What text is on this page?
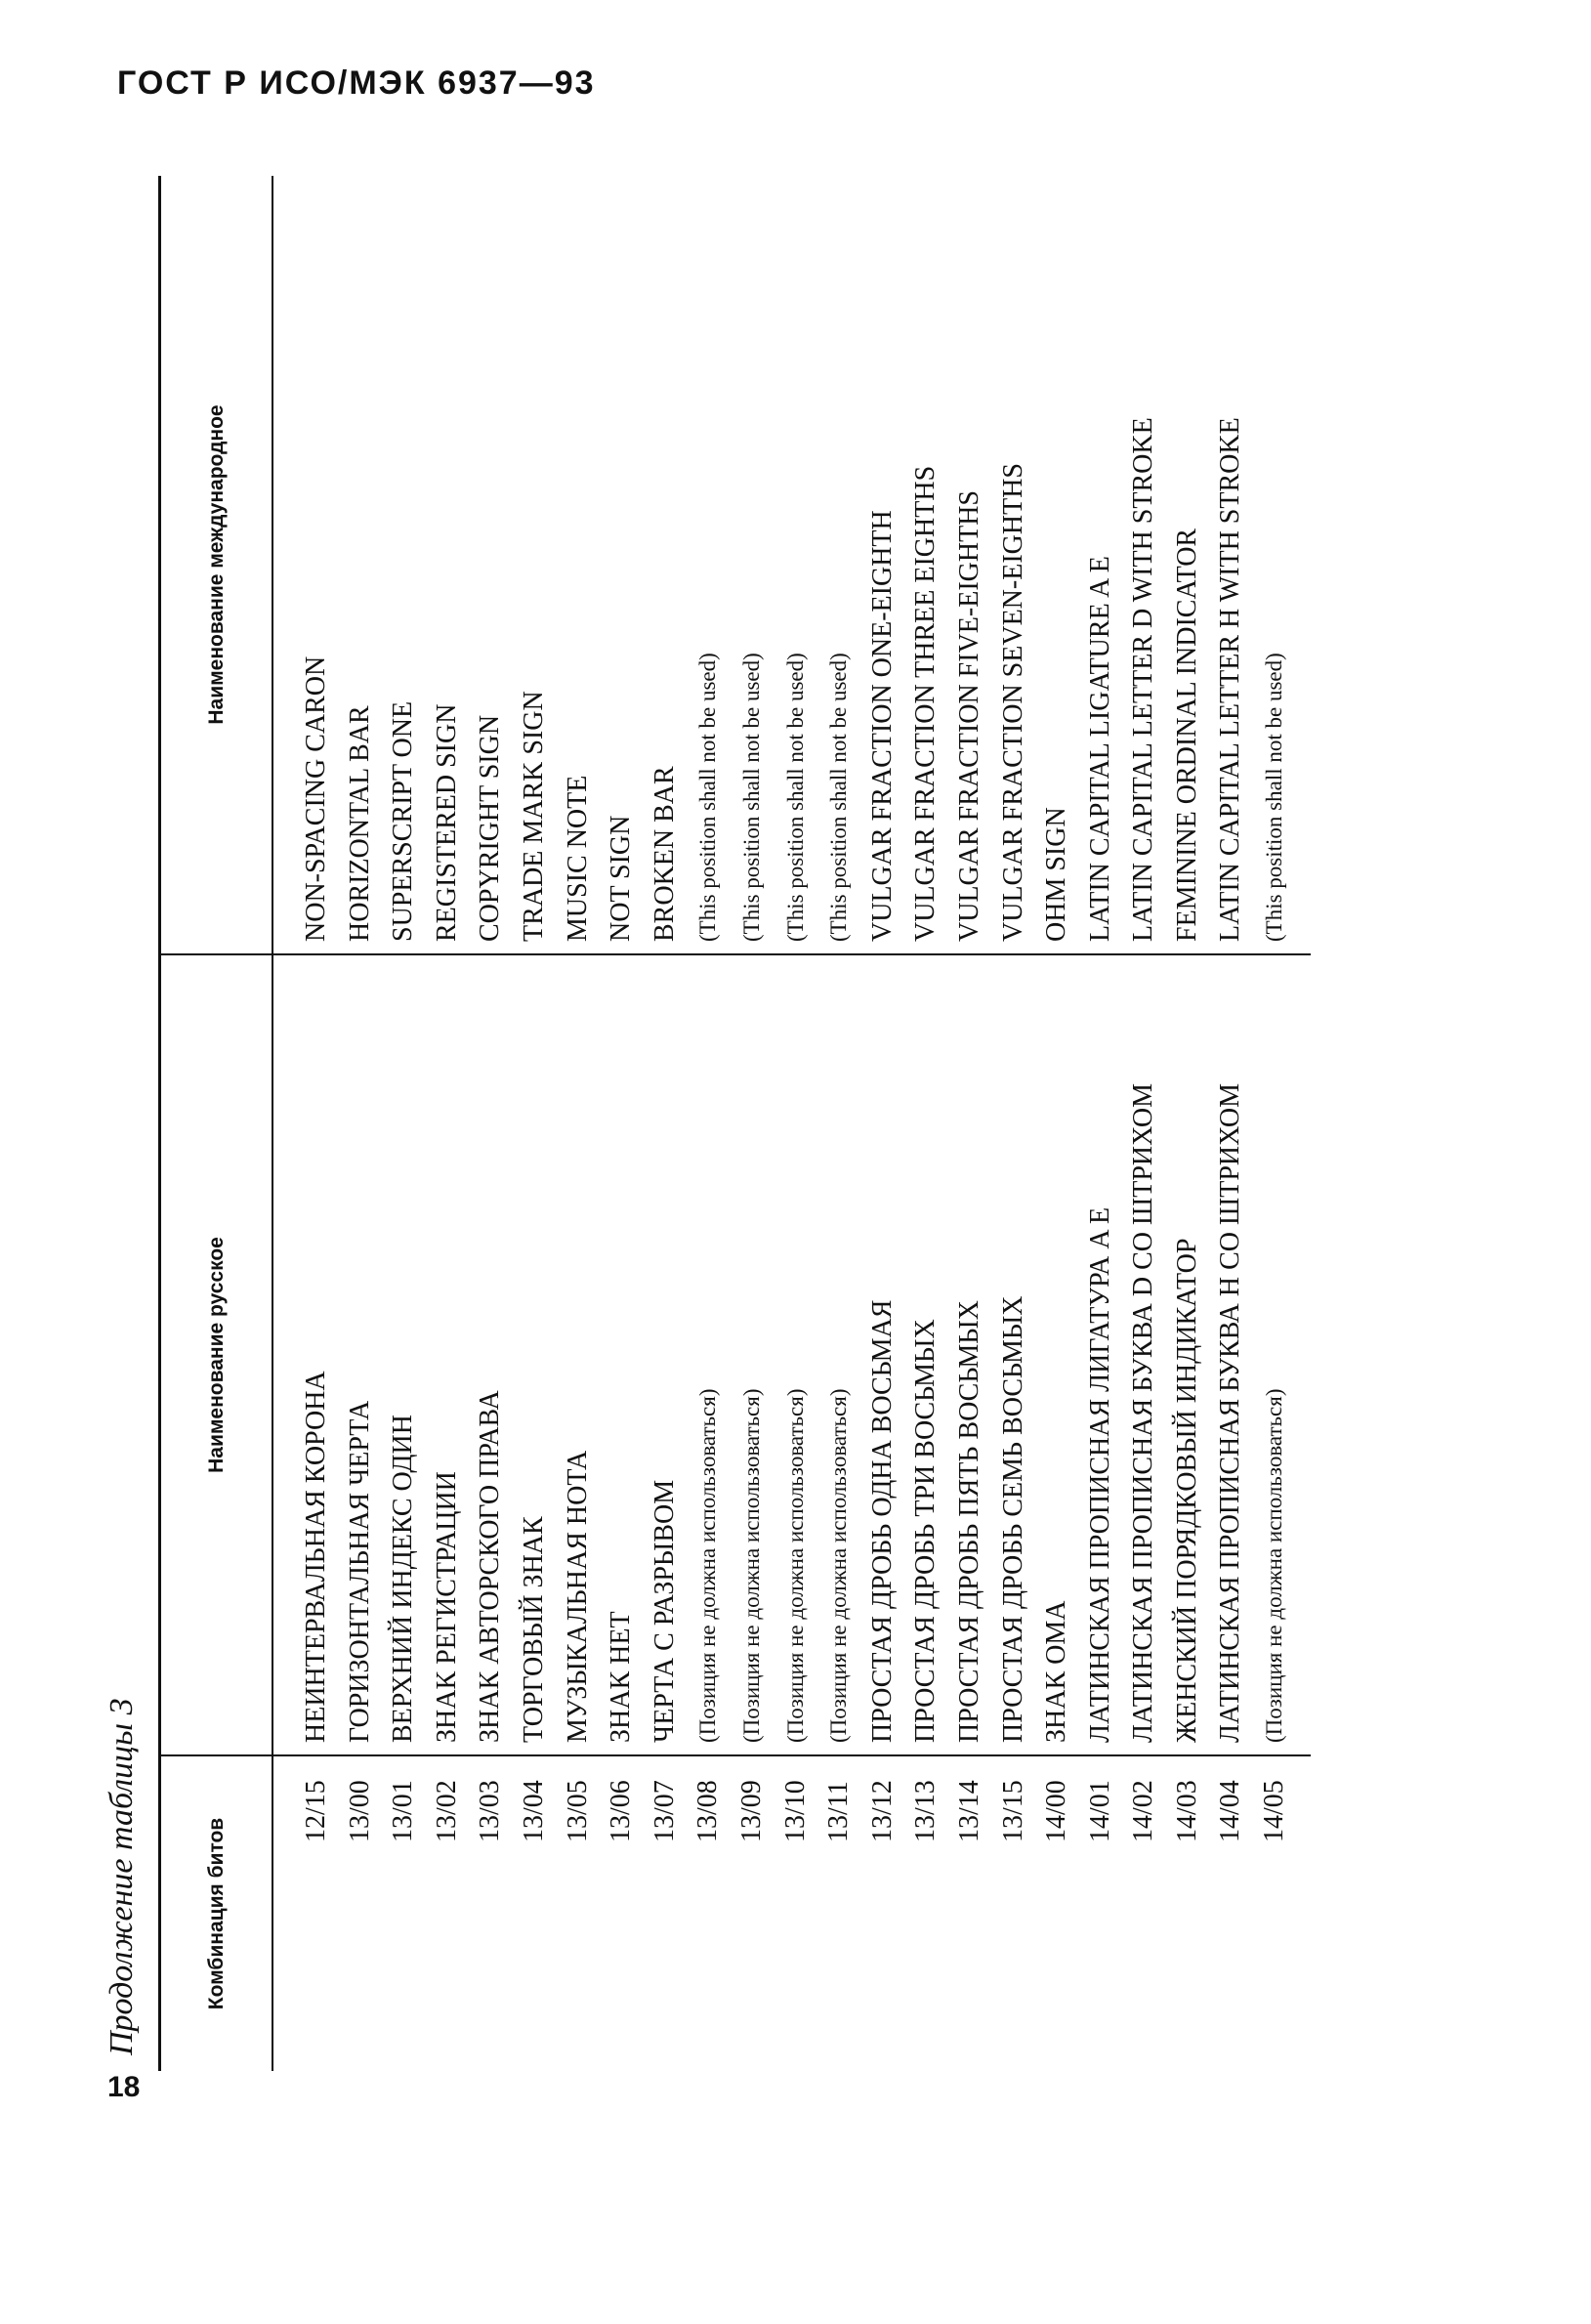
ГОСТ Р ИСО/МЭК 6937—93
18
Продолжение таблицы 3	Комбинация битов
Наименование русское
Наименование международное
12/15
НЕИНТЕРВАЛЬНАЯ КОРОНА
NON-SPACING CARON
13/00
ГОРИЗОНТАЛЬНАЯ ЧЕРТА
HORIZONTAL BAR
13/01
ВЕРХНИЙ ИНДЕКС ОДИН
SUPERSCRIPT ONE
13/02
ЗНАК РЕГИСТРАЦИИ
REGISTERED SIGN
13/03
ЗНАК АВТОРСКОГО ПРАВА
COPYRIGHT SIGN
13/04
ТОРГОВЫЙ ЗНАК
TRADE MARK SIGN
13/05
МУЗЫКАЛЬНАЯ НОТА
MUSIC NOTE
13/06
ЗНАК НЕТ
NOT SIGN
13/07
ЧЕРТА С РАЗРЫВОМ
BROKEN BAR
13/08
(Позиция не должна использоваться)
(This position shall not be used)
13/09
(Позиция не должна использоваться)
(This position shall not be used)
13/10
(Позиция не должна использоваться)
(This position shall not be used)
13/11
(Позиция не должна использоваться)
(This position shall not be used)
13/12
ПРОСТАЯ ДРОБЬ ОДНА ВОСЬМАЯ
VULGAR FRACTION ONE-EIGHTH
13/13
ПРОСТАЯ ДРОБЬ ТРИ ВОСЬМЫХ
VULGAR FRACTION THREE EIGHTHS
13/14
ПРОСТАЯ ДРОБЬ ПЯТЬ ВОСЬМЫХ
VULGAR FRACTION FIVE-EIGHTHS
13/15
ПРОСТАЯ ДРОБЬ СЕМЬ ВОСЬМЫХ
VULGAR FRACTION SEVEN-EIGHTHS
14/00
ЗНАК ОМА
OHM SIGN
14/01
ЛАТИНСКАЯ ПРОПИСНАЯ ЛИГАТУРА A E
LATIN CAPITAL LIGATURE A E
14/02
ЛАТИНСКАЯ ПРОПИСНАЯ БУКВА D СО ШТРИХОМ
LATIN CAPITAL LETTER D WITH STROKE
14/03
ЖЕНСКИЙ ПОРЯДКОВЫЙ ИНДИКАТОР
FEMININE ORDINAL INDICATOR
14/04
ЛАТИНСКАЯ ПРОПИСНАЯ БУКВА H СО ШТРИХОМ
LATIN CAPITAL LETTER H WITH STROKE
14/05
(Позиция не должна использоваться)
(This position shall not be used)
